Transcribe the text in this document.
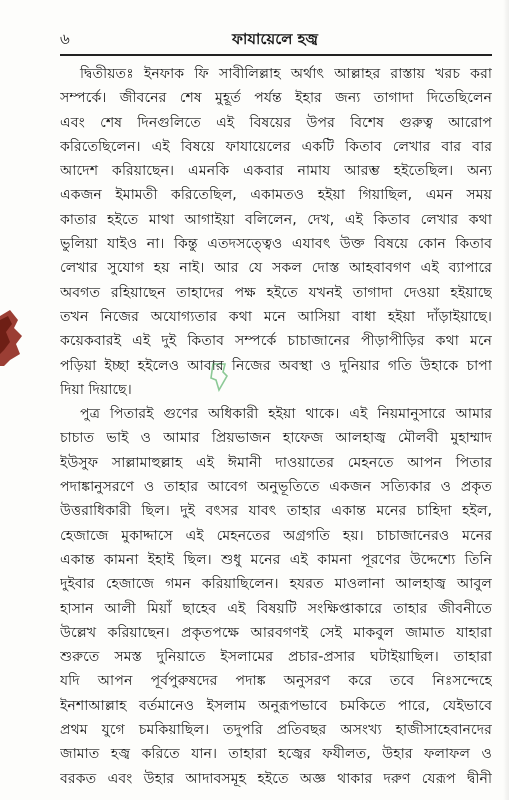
৬	ফাযায়েলে হজ্ব
দ্বিতীয়তঃ ইনফাক ফি সাবীলিল্লাহ অর্থাৎ আল্লাহর রাস্তায় খরচ করা
সম্পর্কে। জীবনের শেষ মুহূর্ত পর্যন্ত ইহার জন্য তাগাদা দিতেছিলেন
এবং শেষ দিনগুলিতে এই বিষয়ের উপর বিশেষ গুরুত্ব আরোপ
করিতেছিলেন। এই বিষয়ে ফাযায়েলের একটি কিতাব লেখার বার বার
আদেশ করিয়াছেন। এমনকি একবার নামায আরম্ভ হইতেছিল। অন্য
একজন ইমামতী করিতেছিল, একামতও হইয়া গিয়াছিল, এমন সময়
কাতার হইতে মাথা আগাইয়া বলিলেন, দেখ, এই কিতাব লেখার কথা
ভুলিয়া যাইও না। কিন্তু এতদসত্ত্বেও এযাবৎ উক্ত বিষয়ে কোন কিতাব
লেখার সুযোগ হয় নাই। আর যে সকল দোস্ত আহবাবগণ এই ব্যাপারে
অবগত রহিয়াছেন তাহাদের পক্ষ হইতে যখনই তাগাদা দেওয়া হইয়াছে
তখন নিজের অযোগ্যতার কথা মনে আসিয়া বাধা হইয়া দাঁড়াইয়াছে।
কয়েকবারই এই দুই কিতাব সম্পর্কে চাচাজানের পীড়াপীড়ির কথা মনে
পড়িয়া ইচ্ছা হইলেও আবার নিজের অবস্থা ও দুনিয়ার গতি উহাকে চাপা
দিয়া দিয়াছে।
পুত্র পিতারই গুণের অধিকারী হইয়া থাকে। এই নিয়মানুসারে আমার
চাচাত ভাই ও আমার প্রিয়ভাজন হাফেজ আলহাজ্ব মৌলবী মুহাম্মাদ
ইউসুফ সাল্লামাহুল্লাহ এই ঈমানী দাওয়াতের মেহনতে আপন পিতার
পদাঙ্কানুসরণে ও তাহার আবেগ অনুভূতিতে একজন সত্যিকার ও প্রকৃত
উত্তরাধিকারী ছিল। দুই বৎসর যাবৎ তাহার একান্ত মনের চাহিদা হইল,
হেজাজে মুকাদ্দাসে এই মেহনতের অগ্রগতি হয়। চাচাজানেরও মনের
একান্ত কামনা ইহাই ছিল। শুধু মনের এই কামনা পূরণের উদ্দেশ্যে তিনি
দুইবার হেজাজে গমন করিয়াছিলেন। হযরত মাওলানা আলহাজ্ব আবুল
হাসান আলী মিয়াঁ ছাহেব এই বিষয়টি সংক্ষিপ্তাকারে তাহার জীবনীতে
উল্লেখ করিয়াছেন। প্রকৃতপক্ষে আরবগণই সেই মাকবুল জামাত যাহারা
শুরুতে সমস্ত দুনিয়াতে ইসলামের প্রচার-প্রসার ঘটাইয়াছিল। তাহারা
যদি আপন পূর্বপুরুষদের পদাঙ্ক অনুসরণ করে তবে নিঃসন্দেহে
ইনশাআল্লাহ বর্তমানেও ইসলাম অনুরূপভাবে চমকিতে পারে, যেইভাবে
প্রথম যুগে চমকিয়াছিল। তদুপরি প্রতিবছর অসংখ্য হাজীসাহেবানদের
জামাত হজ্ব করিতে যান। তাহারা হজ্বের ফযীলত, উহার ফলাফল ও
বরকত এবং উহার আদাবসমূহ হইতে অজ্ঞ থাকার দরুণ যেরূপ দ্বীনী
